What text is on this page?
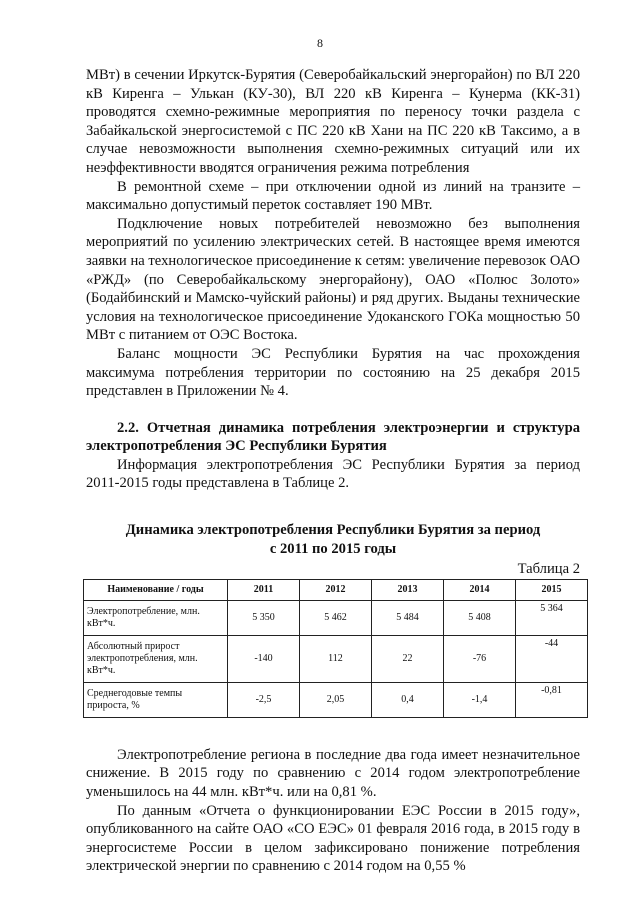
8

МВт) в сечении Иркутск-Бурятия (Северобайкальский энергорайон) по ВЛ 220 кВ Киренга – Улькан (КУ-30), ВЛ 220 кВ Киренга – Кунерма (КК-31) проводятся схемно-режимные мероприятия по переносу точки раздела с Забайкальской энергосистемой с ПС 220 кВ Хани на ПС 220 кВ Таксимо, а в случае невозможности выполнения схемно-режимных ситуаций или их неэффективности вводятся ограничения режима потребления

В ремонтной схеме – при отключении одной из линий на транзите – максимально допустимый переток составляет 190 МВт.

Подключение новых потребителей невозможно без выполнения мероприятий по усилению электрических сетей. В настоящее время имеются заявки на технологическое присоединение к сетям: увеличение перевозок ОАО «РЖД» (по Северобайкальскому энергорайону), ОАО «Полюс Золото» (Бодайбинский и Мамско-чуйский районы) и ряд других. Выданы технические условия на технологическое присоединение Удоканского ГОКа мощностью 50 МВт с питанием от ОЭС Востока.

Баланс мощности ЭС Республики Бурятия на час прохождения максимума потребления территории по состоянию на 25 декабря 2015 представлен в Приложении № 4.

2.2. Отчетная динамика потребления электроэнергии и структура электропотребления ЭС Республики Бурятия

Информация электропотребления ЭС Республики Бурятия за период 2011-2015 годы представлена в Таблице 2.

Динамика электропотребления Республики Бурятия за период
с 2011 по 2015 годы

Таблица 2

Наименование / годы	2011	2012	2013	2014	2015
Электропотребление, млн. кВт*ч.	5 350	5 462	5 484	5 408	5 364
Абсолютный прирост электропотребления, млн. кВт*ч.	-140	112	22	-76	-44
Среднегодовые темпы прироста, %	-2,5	2,05	0,4	-1,4	-0,81

Электропотребление региона в последние два года имеет незначительное снижение. В 2015 году по сравнению с 2014 годом электропотребление уменьшилось на 44 млн. кВт*ч. или на 0,81 %.

По данным «Отчета о функционировании ЕЭС России в 2015 году», опубликованного на сайте ОАО «СО ЕЭС» 01 февраля 2016 года, в 2015 году в энергосистеме России в целом зафиксировано понижение потребления электрической энергии по сравнению с 2014 годом на 0,55 %
